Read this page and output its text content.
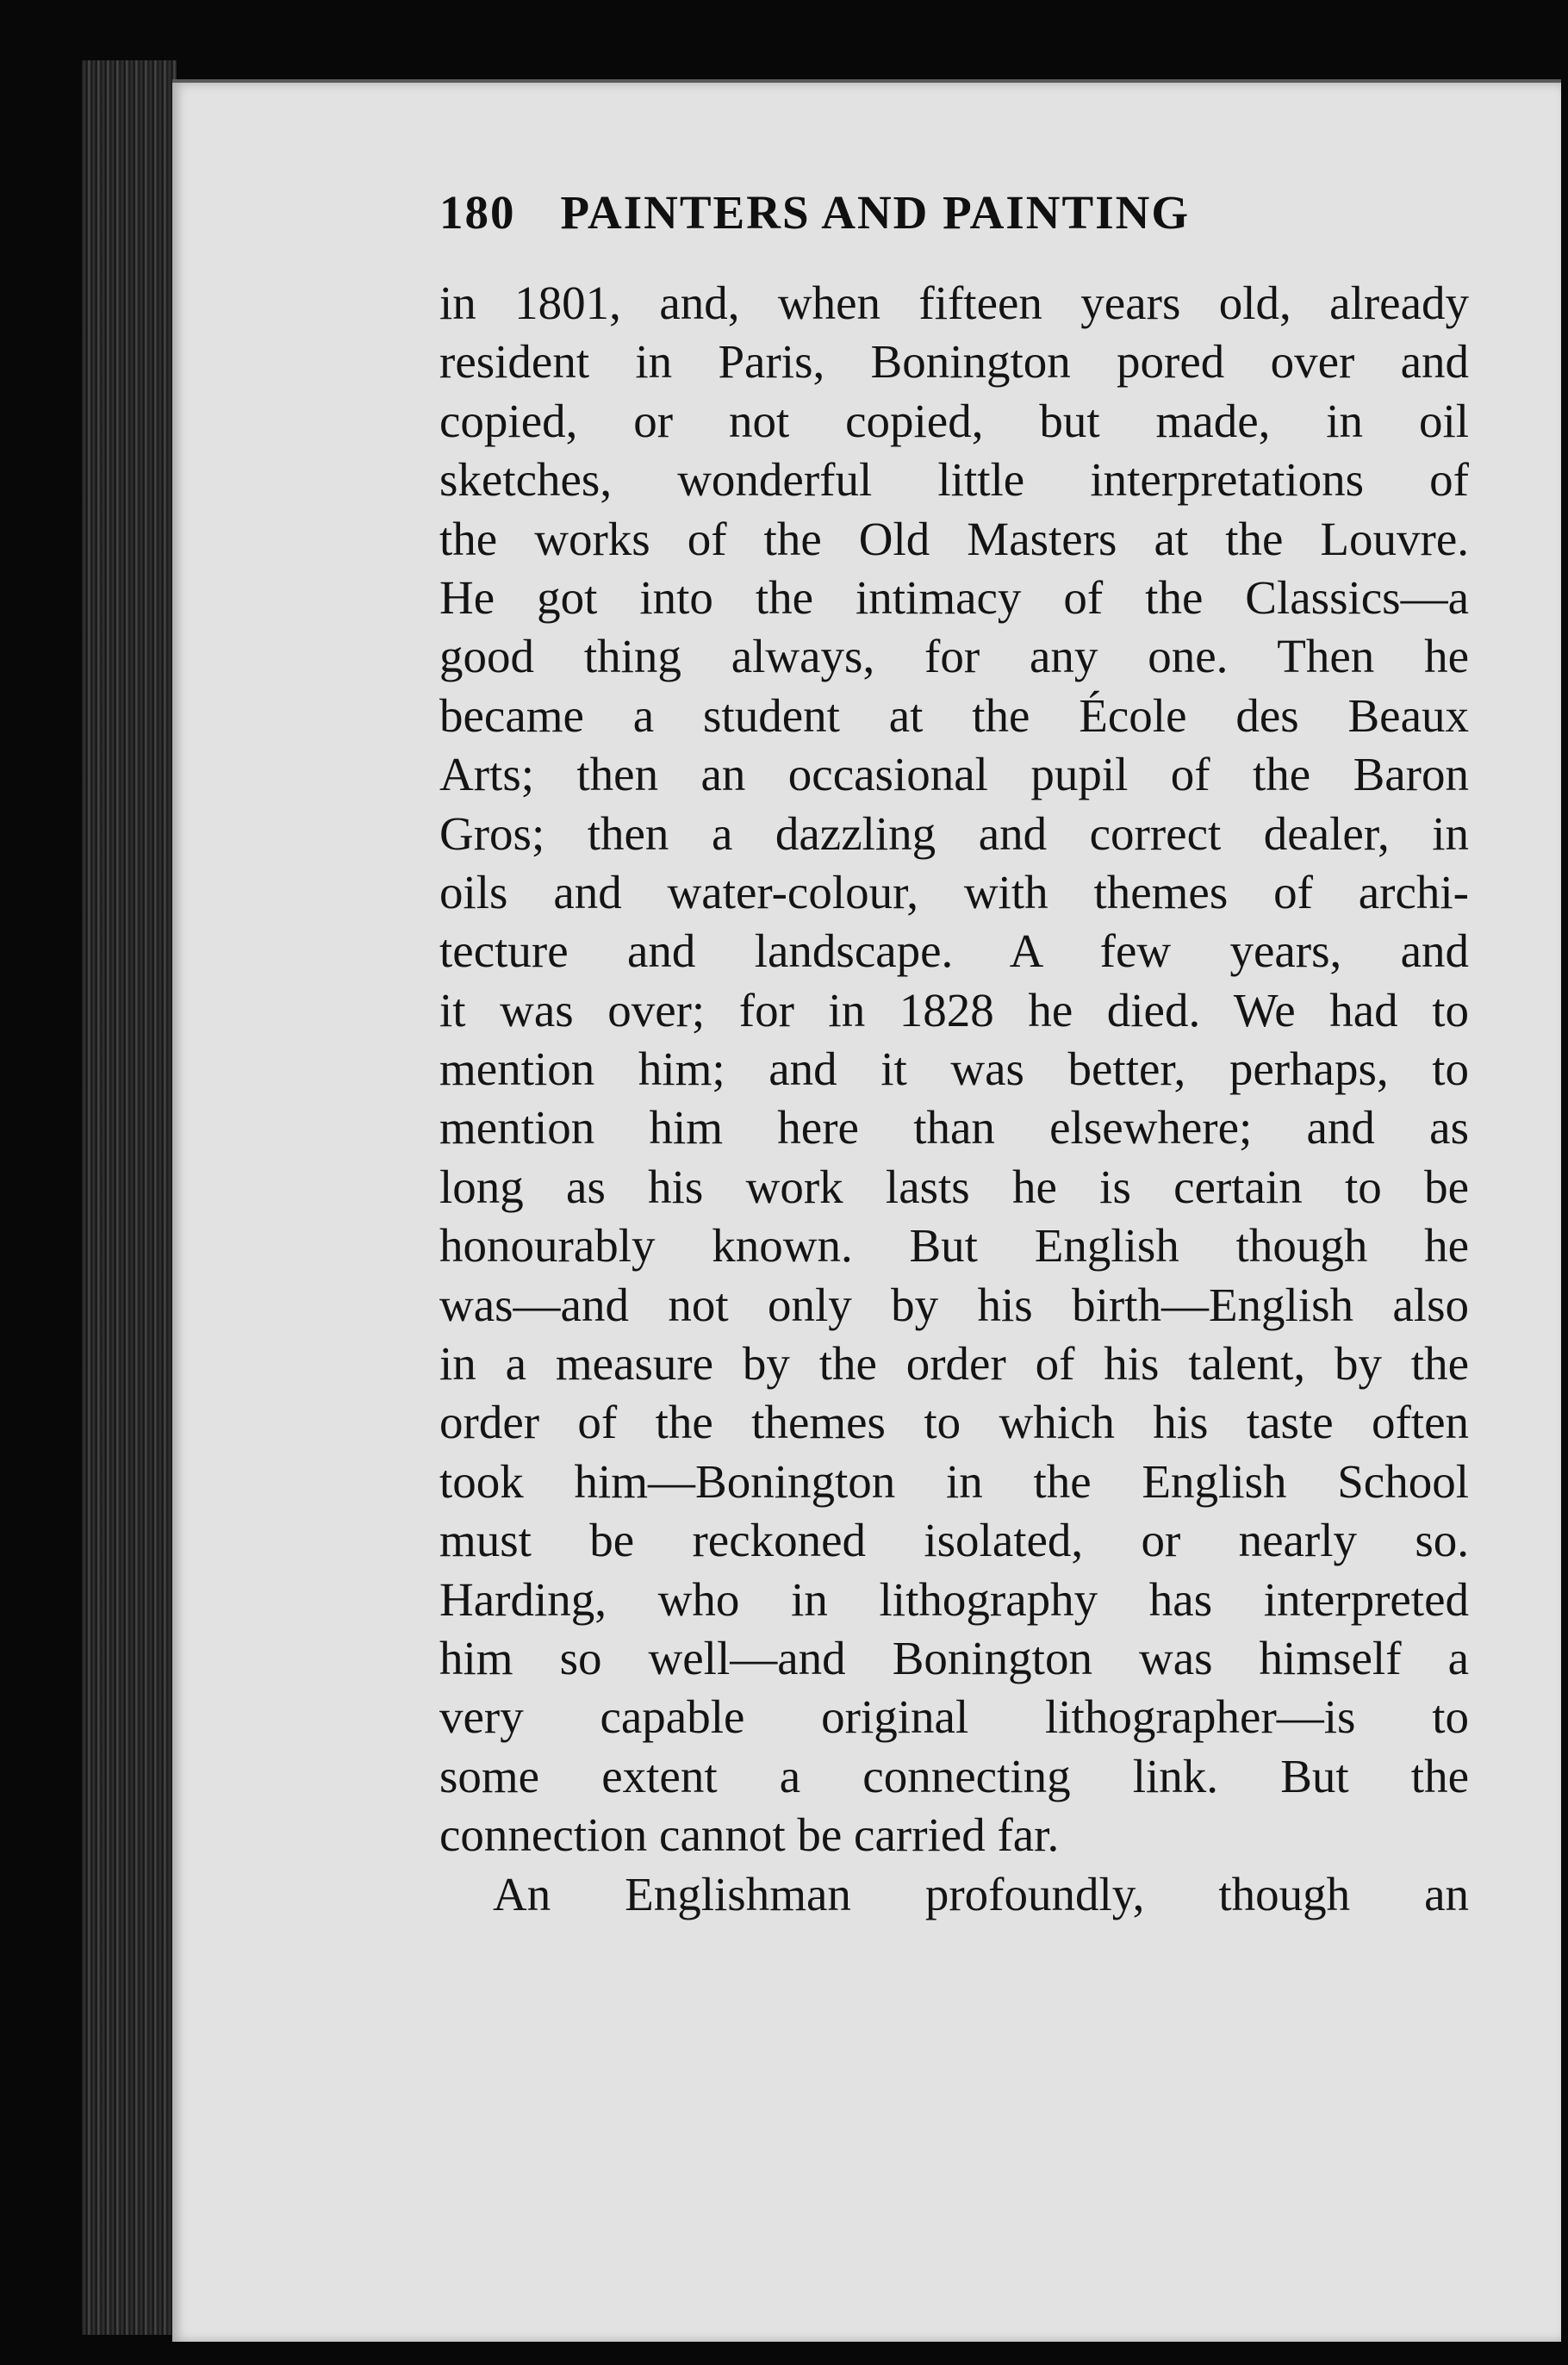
180 PAINTERS AND PAINTING
in 1801, and, when fifteen years old, already
resident in Paris, Bonington pored over and
copied, or not copied, but made, in oil
sketches, wonderful little interpretations of
the works of the Old Masters at the Louvre.
He got into the intimacy of the Classics—a
good thing always, for any one. Then he
became a student at the École des Beaux
Arts; then an occasional pupil of the Baron
Gros; then a dazzling and correct dealer, in
oils and water-colour, with themes of archi-
tecture and landscape. A few years, and
it was over; for in 1828 he died. We had to
mention him; and it was better, perhaps, to
mention him here than elsewhere; and as
long as his work lasts he is certain to be
honourably known. But English though he
was—and not only by his birth—English also
in a measure by the order of his talent, by the
order of the themes to which his taste often
took him—Bonington in the English School
must be reckoned isolated, or nearly so.
Harding, who in lithography has interpreted
him so well—and Bonington was himself a
very capable original lithographer—is to
some extent a connecting link. But the
connection cannot be carried far.
An Englishman profoundly, though an
